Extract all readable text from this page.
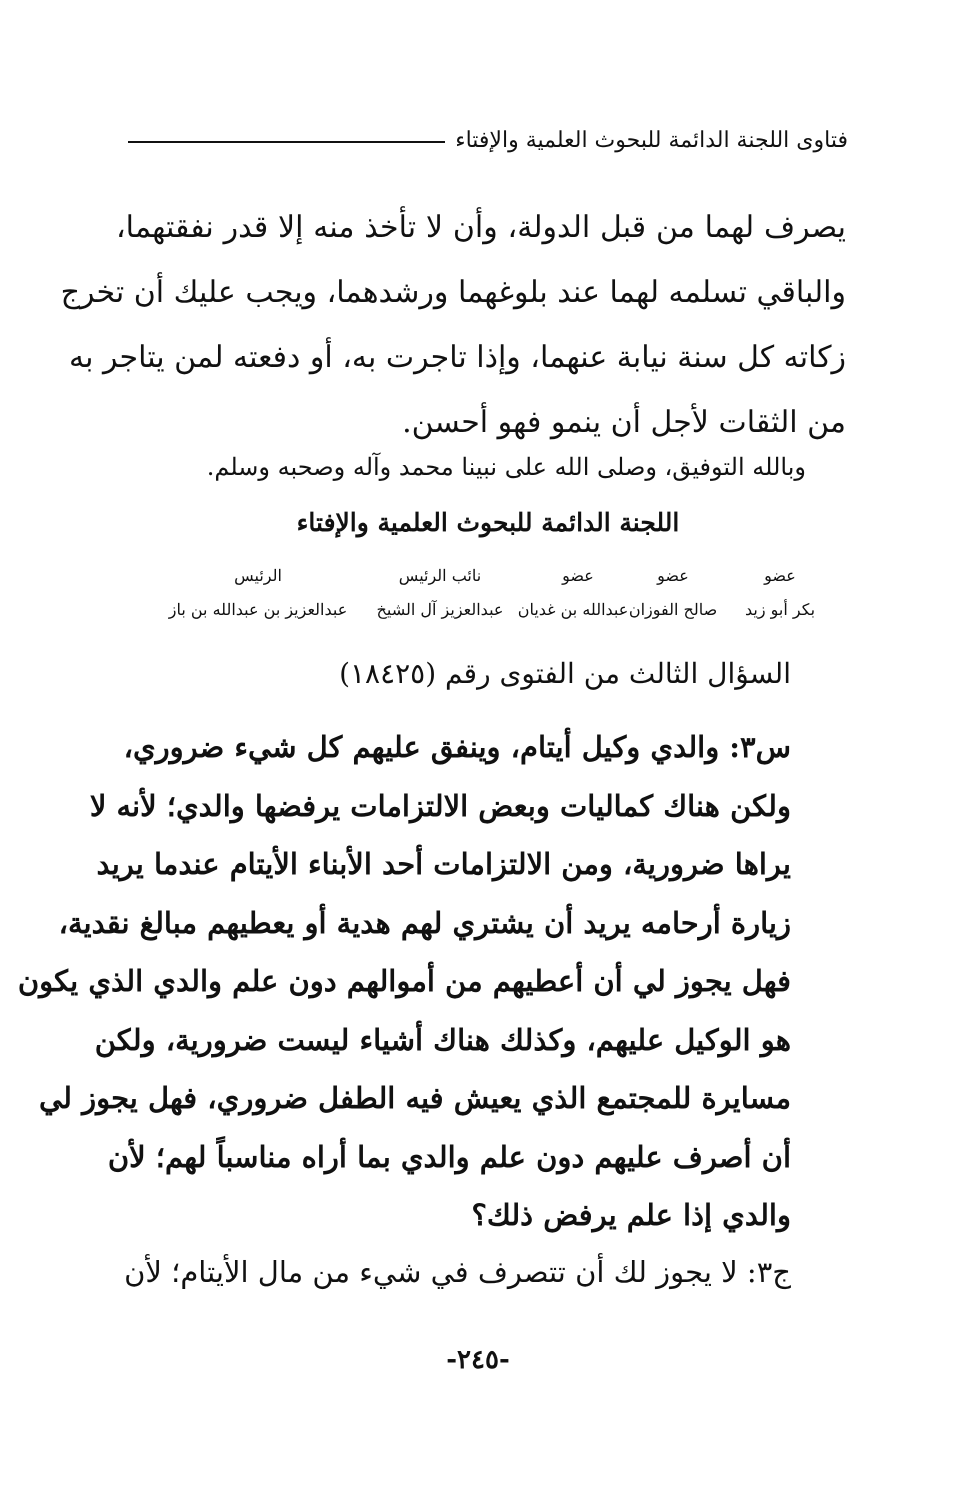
فتاوى اللجنة الدائمة للبحوث العلمية والإفتاء
يصرف لهما من قبل الدولة، وأن لا تأخذ منه إلا قدر نفقتهما،
والباقي تسلمه لهما عند بلوغهما ورشدهما، ويجب عليك أن تخرج
زكاته كل سنة نيابة عنهما، وإذا تاجرت به، أو دفعته لمن يتاجر به
من الثقات لأجل أن ينمو فهو أحسن.
وبالله التوفيق، وصلى الله على نبينا محمد وآله وصحبه وسلم.
اللجنة الدائمة للبحوث العلمية والإفتاء
عضو
عضو
عضو
نائب الرئيس
الرئيس
بكر أبو زيد
صالح الفوزان
عبدالله بن غديان
عبدالعزيز آل الشيخ
عبدالعزيز بن عبدالله بن باز
السؤال الثالث من الفتوى رقم (١٨٤٢٥)
س٣: والدي وكيل أيتام، وينفق عليهم كل شيء ضروري،
ولكن هناك كماليات وبعض الالتزامات يرفضها والدي؛ لأنه لا
يراها ضرورية، ومن الالتزامات أحد الأبناء الأيتام عندما يريد
زيارة أرحامه يريد أن يشتري لهم هدية أو يعطيهم مبالغ نقدية،
فهل يجوز لي أن أعطيهم من أموالهم دون علم والدي الذي يكون
هو الوكيل عليهم، وكذلك هناك أشياء ليست ضرورية، ولكن
مسايرة للمجتمع الذي يعيش فيه الطفل ضروري، فهل يجوز لي
أن أصرف عليهم دون علم والدي بما أراه مناسباً لهم؛ لأن
والدي إذا علم يرفض ذلك؟
ج٣: لا يجوز لك أن تتصرف في شيء من مال الأيتام؛ لأن
-٢٤٥-
